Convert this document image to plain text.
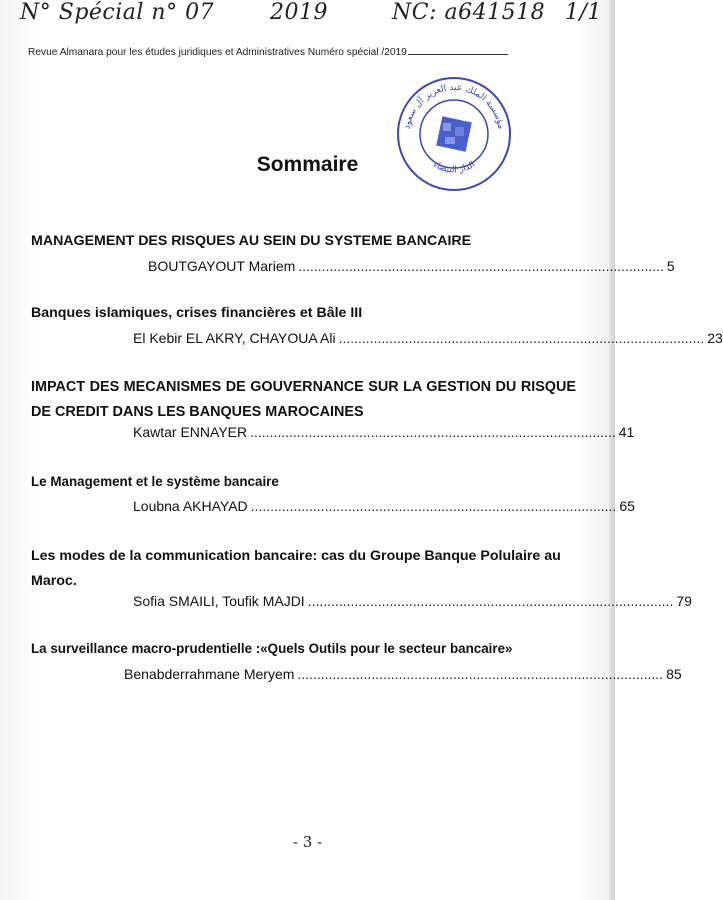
N° Spécial n° 07	2019	NC: a641518 1/1
Revue Almanara pour les études juridiques et Administratives Numéro spécial /2019
مؤسسة الملك عبد العزيز آل سعود
الدار البيضاء
Sommaire
MANAGEMENT DES RISQUES AU SEIN DU SYSTEME BANCAIRE
BOUTGAYOUT Mariem .............................................................................................. 5
Banques islamiques, crises financières et Bâle III
El Kebir EL AKRY, CHAYOUA Ali .............................................................................................. 23
IMPACT DES MECANISMES DE GOUVERNANCE SUR LA GESTION DU RISQUE DE CREDIT DANS LES BANQUES MAROCAINES
Kawtar ENNAYER .............................................................................................. 41
Le Management et le système bancaire
Loubna AKHAYAD .............................................................................................. 65
Les modes de la communication bancaire: cas du Groupe Banque Polulaire au Maroc.
Sofia SMAILI, Toufik MAJDI .............................................................................................. 79
La surveillance macro-prudentielle :«Quels Outils pour le secteur bancaire»
Benabderrahmane Meryem .............................................................................................. 85
- 3 -
